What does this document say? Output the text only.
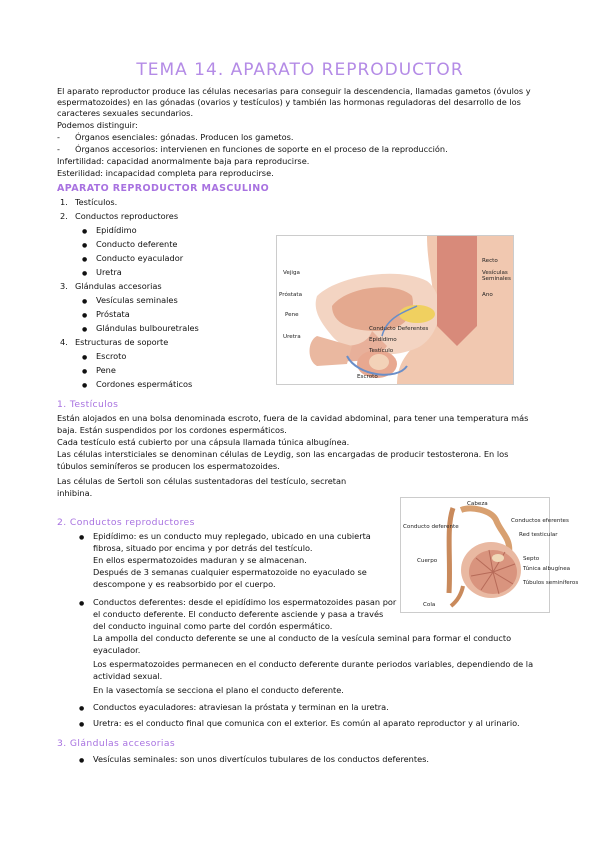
TEMA 14. APARATO REPRODUCTOR
El aparato reproductor produce las células necesarias para conseguir la descendencia, llamadas gametos (óvulos y
espermatozoides) en las gónadas (ovarios y testículos) y también las hormonas reguladoras del desarrollo de los
caracteres sexuales secundarios.
Podemos distinguir:
- Órganos esenciales: gónadas. Producen los gametos.
- Órganos accesorios: intervienen en funciones de soporte en el proceso de la reproducción.
Infertilidad: capacidad anormalmente baja para reproducirse.
Esterilidad: incapacidad completa para reproducirse.
APARATO REPRODUCTOR MASCULINO
1. Testículos.
2. Conductos reproductores
● Epidídimo
● Conducto deferente
● Conducto eyaculador
● Uretra
3. Glándulas accesorias
● Vesículas seminales
● Próstata
● Glándulas bulbouretrales
4. Estructuras de soporte
● Escroto
● Pene
● Cordones espermáticos
Vejiga
Próstata
Pene
Uretra
Recto
Vesículas Seminales
Ano
Conducto Deferentes
Epidídimo
Testículo
Escroto
1. Testículos
Están alojados en una bolsa denominada escroto, fuera de la cavidad abdominal, para tener una temperatura más
baja. Están suspendidos por los cordones espermáticos.
Cada testículo está cubierto por una cápsula llamada túnica albugínea.
Las células intersticiales se denominan células de Leydig, son las encargadas de producir testosterona. En los
túbulos seminíferos se producen los espermatozoides.
Las células de Sertoli son células sustentadoras del testículo, secretan
inhibina.
Cabeza
Conducto deferente
Conductos eferentes
Red testicular
Cuerpo	Septo
Túnica albugínea
Túbulos seminíferos
Cola
2. Conductos reproductores
● Epidídimo: es un conducto muy replegado, ubicado en una cubierta
fibrosa, situado por encima y por detrás del testículo.
En ellos espermatozoides maduran y se almacenan.
Después de 3 semanas cualquier espermatozoide no eyaculado se
descompone y es reabsorbido por el cuerpo.
● Conductos deferentes: desde el epidídimo los espermatozoides pasan por
el conducto deferente. El conducto deferente asciende y pasa a través
del conducto inguinal como parte del cordón espermático.
La ampolla del conducto deferente se une al conducto de la vesícula seminal para formar el conducto
eyaculador.
Los espermatozoides permanecen en el conducto deferente durante periodos variables, dependiendo de la
actividad sexual.
En la vasectomía se secciona el plano el conducto deferente.
● Conductos eyaculadores: atraviesan la próstata y terminan en la uretra.
● Uretra: es el conducto final que comunica con el exterior. Es común al aparato reproductor y al urinario.
3. Glándulas accesorias
● Vesículas seminales: son unos divertículos tubulares de los conductos deferentes.
